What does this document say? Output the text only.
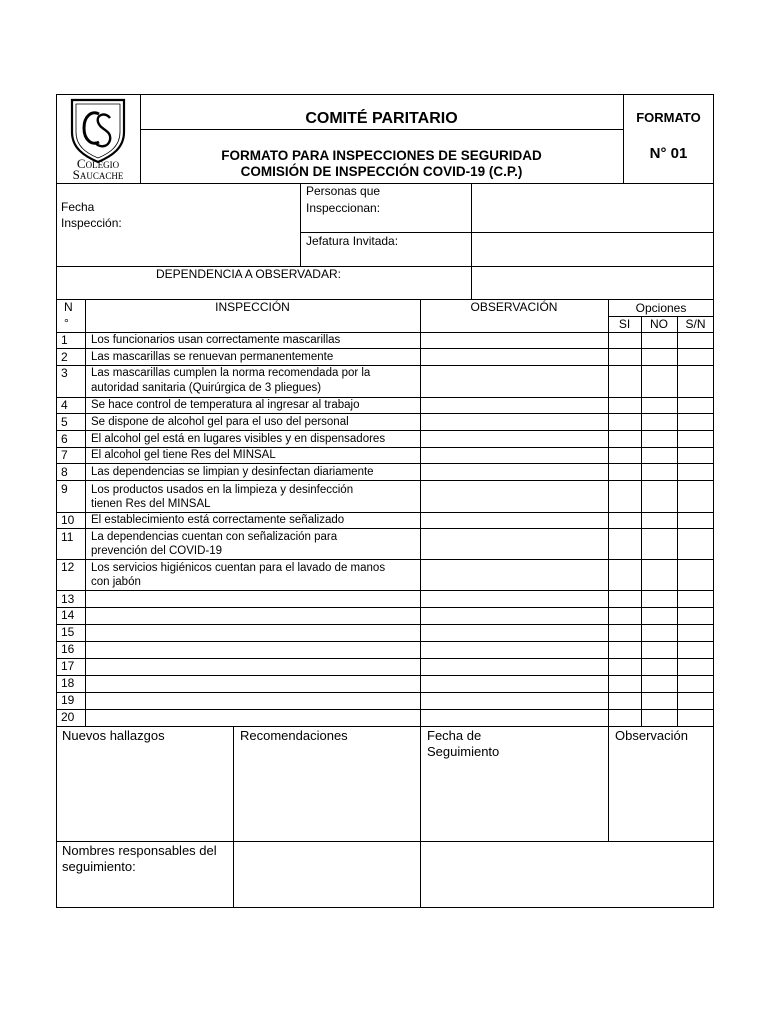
Colegio
Saucache
COMITÉ PARITARIO
FORMATO PARA INSPECCIONES DE SEGURIDAD
COMISIÓN DE INSPECCIÓN COVID-19 (C.P.)
FORMATO
N° 01
Fecha
Inspección:
Personas que
Inspeccionan:
Jefatura Invitada:
DEPENDENCIA A OBSERVADAR:
N
°
INSPECCIÓN	OBSERVACIÓN	Opciones
SI	NO	S/N
1 Los funcionarios usan correctamente mascarillas
2 Las mascarillas se renuevan permanentemente
3 Las mascarillas cumplen la norma recomendada por la
autoridad sanitaria (Quirúrgica de 3 pliegues)
4 Se hace control de temperatura al ingresar al trabajo
5 Se dispone de alcohol gel para el uso del personal
6 El alcohol gel está en lugares visibles y en dispensadores
7 El alcohol gel tiene Res del MINSAL
8 Las dependencias se limpian y desinfectan diariamente
9 Los productos usados en la limpieza y desinfección
tienen Res del MINSAL
10 El establecimiento está correctamente señalizado
11 La dependencias cuentan con señalización para
prevención del COVID-19
12 Los servicios higiénicos cuentan para el lavado de manos
con jabón
13
14
15
16
17
18
19
20
Nuevos hallazgos	Recomendaciones	Fecha de
Seguimiento
Observación
Nombres responsables del
seguimiento:
